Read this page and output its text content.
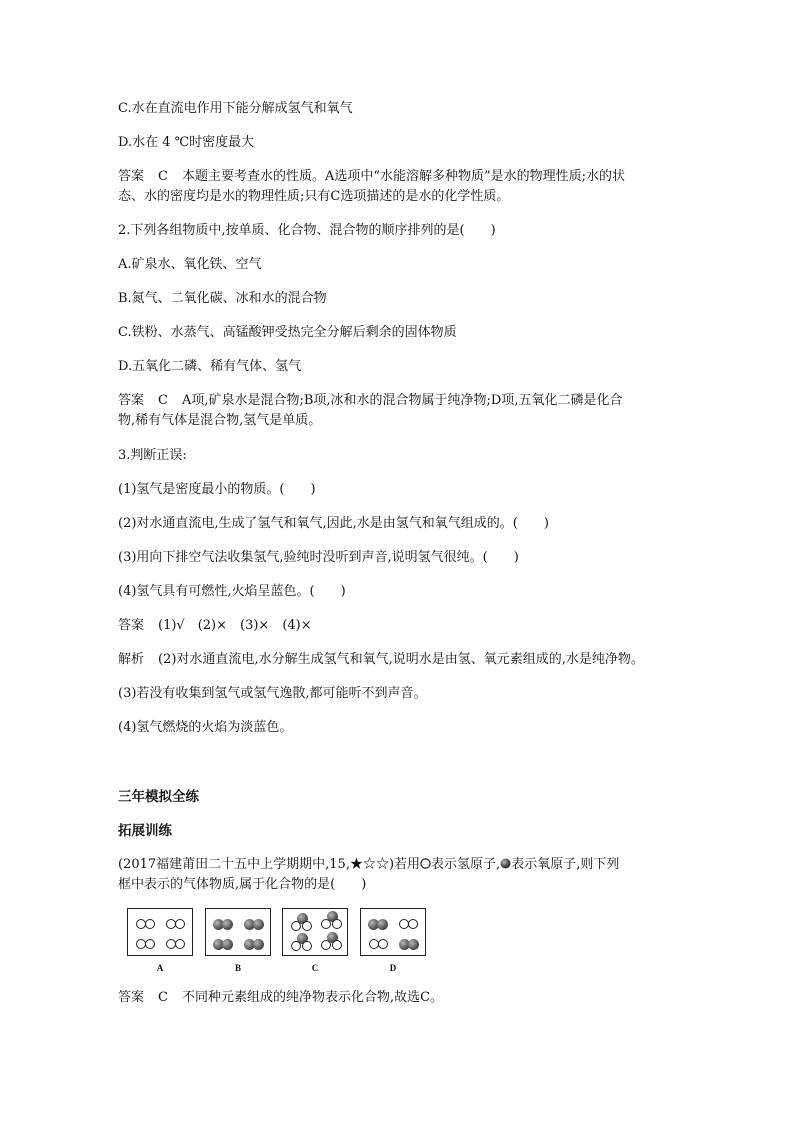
C.水在直流电作用下能分解成氢气和氧气
D.水在 4 ℃时密度最大
答案 C 本题主要考查水的性质。A选项中“水能溶解多种物质”是水的物理性质;水的状
态、水的密度均是水的物理性质;只有C选项描述的是水的化学性质。
2.下列各组物质中,按单质、化合物、混合物的顺序排列的是(　　)
A.矿泉水、氧化铁、空气
B.氮气、二氧化碳、冰和水的混合物
C.铁粉、水蒸气、高锰酸钾受热完全分解后剩余的固体物质
D.五氧化二磷、稀有气体、氢气
答案 C A项,矿泉水是混合物;B项,冰和水的混合物属于纯净物;D项,五氧化二磷是化合
物,稀有气体是混合物,氢气是单质。
3.判断正误:
(1)氢气是密度最小的物质。(　　)
(2)对水通直流电,生成了氢气和氧气,因此,水是由氢气和氧气组成的。(　　)
(3)用向下排空气法收集氢气,验纯时没听到声音,说明氢气很纯。(　　)
(4)氢气具有可燃性,火焰呈蓝色。(　　)
答案 (1)√　(2)×　(3)×　(4)×
解析 (2)对水通直流电,水分解生成氢气和氧气,说明水是由氢、氧元素组成的,水是纯净物。
(3)若没有收集到氢气或氢气逸散,都可能听不到声音。
(4)氢气燃烧的火焰为淡蓝色。
三年模拟全练
拓展训练
(2017福建莆田二十五中上学期期中,15,★☆☆)若用 表示氢原子, 表示氧原子,则下列
框中表示的气体物质,属于化合物的是(　　)
答案 C 不同种元素组成的纯净物表示化合物,故选C。
A	B	C	D
